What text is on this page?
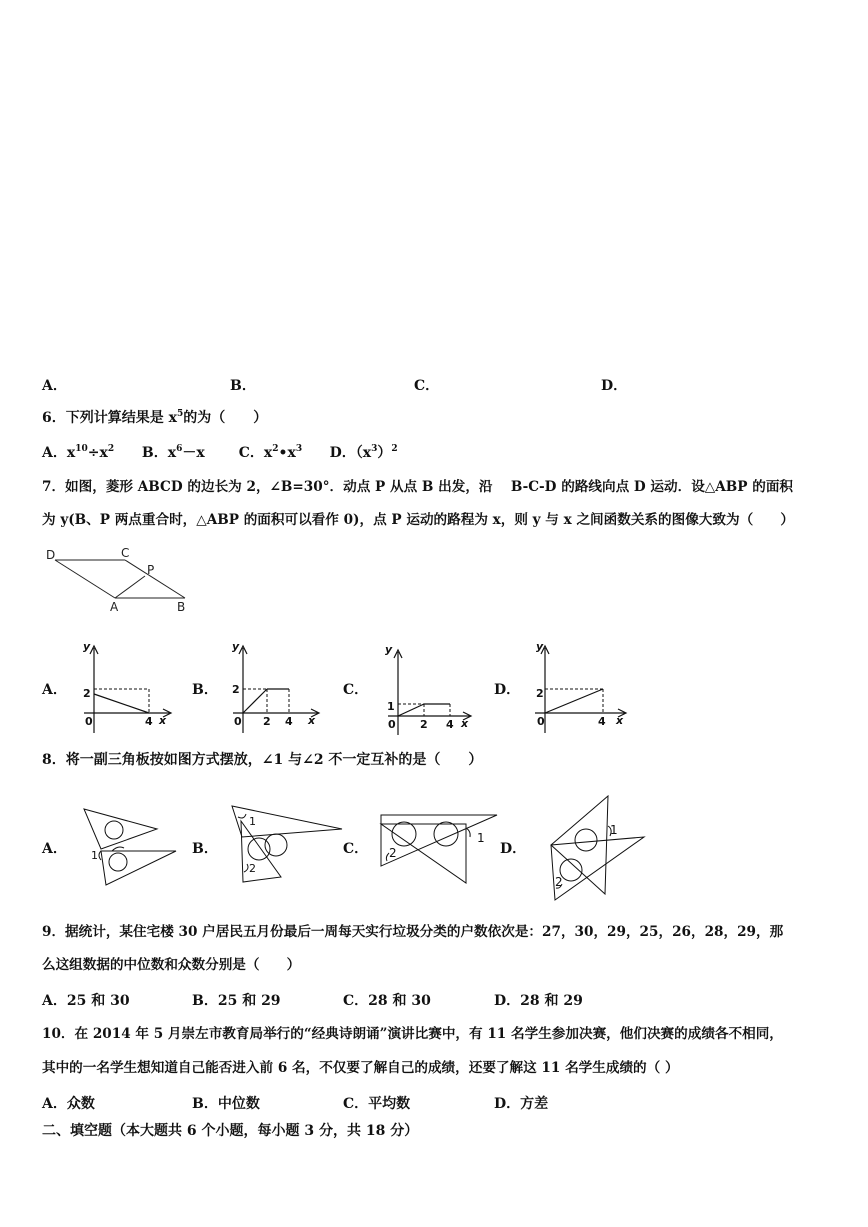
A．	B．	C．	D．
6．下列计算结果是 $x^5$的为（　　）
A．$x^{10}\div x^2$ B．$x^6-x$ C．$x^2•x^3$ D．$(x^3)^2$
7．如图，菱形 ABCD 的边长为 2，∠B=30°．动点 P 从点 B 出发，沿　 B-C-D 的路线向点 D 运动．设△ABP 的面积
为 y(B、P 两点重合时，△ABP 的面积可以看作 0)，点 P 运动的路程为 x，则 y 与 x 之间函数关系的图像大致为（　　）
D	C
P
A	B
A．	B．	C．	D．
y
2
0	4 x
y
2
0 2 4 x
y
1
0 2 4 x
y
2
0	4 x
8．将一副三角板按如图方式摆放，∠1 与∠2 不一定互补的是（　　）
A．	B．	C．	D．
1
1
2
1
2
1
2
9．据统计，某住宅楼 30 户居民五月份最后一周每天实行垃圾分类的户数依次是：27，30，29，25，26，28，29，那
么这组数据的中位数和众数分别是（　　）
A．25 和 30	B．25 和 29	C．28 和 30	D．28 和 29
10．在 2014 年 5 月崇左市教育局举行的“经典诗朗诵”演讲比赛中，有 11 名学生参加决赛，他们决赛的成绩各不相同，
其中的一名学生想知道自己能否进入前 6 名，不仅要了解自己的成绩，还要了解这 11 名学生成绩的（ ）
A．众数	B．中位数	C．平均数	D．方差
二、填空题（本大题共 6 个小题，每小题 3 分，共 18 分）
